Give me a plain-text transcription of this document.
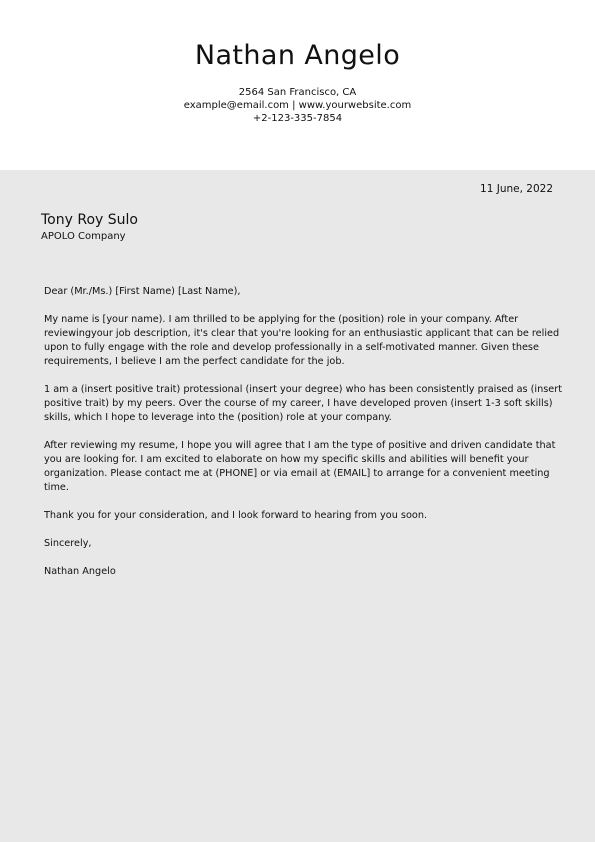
Nathan Angelo
2564 San Francisco, CA
example@email.com | www.yourwebsite.com
+2-123-335-7854
11 June, 2022
Tony Roy Sulo
APOLO Company

Dear (Mr./Ms.) [First Name) [Last Name),

My name is [your name). I am thrilled to be applying for the (position) role in your company. After reviewingyour job description, it's clear that you're looking for an enthusiastic applicant that can be relied upon to fully engage with the role and develop professionally in a self-motivated manner. Given these requirements, I believe I am the perfect candidate for the job.

1 am a (insert positive trait) protessional (insert your degree) who has been consistently praised as (insert positive trait) by my peers. Over the course of my career, I have developed proven (insert 1-3 soft skills) skills, which I hope to leverage into the (position) role at your company.

After reviewing my resume, I hope you will agree that I am the type of positive and driven candidate that you are looking for. I am excited to elaborate on how my specific skills and abilities will benefit your organization. Please contact me at (PHONE] or via email at (EMAIL] to arrange for a convenient meeting time.

Thank you for your consideration, and I look forward to hearing from you soon.

Sincerely,

Nathan Angelo
